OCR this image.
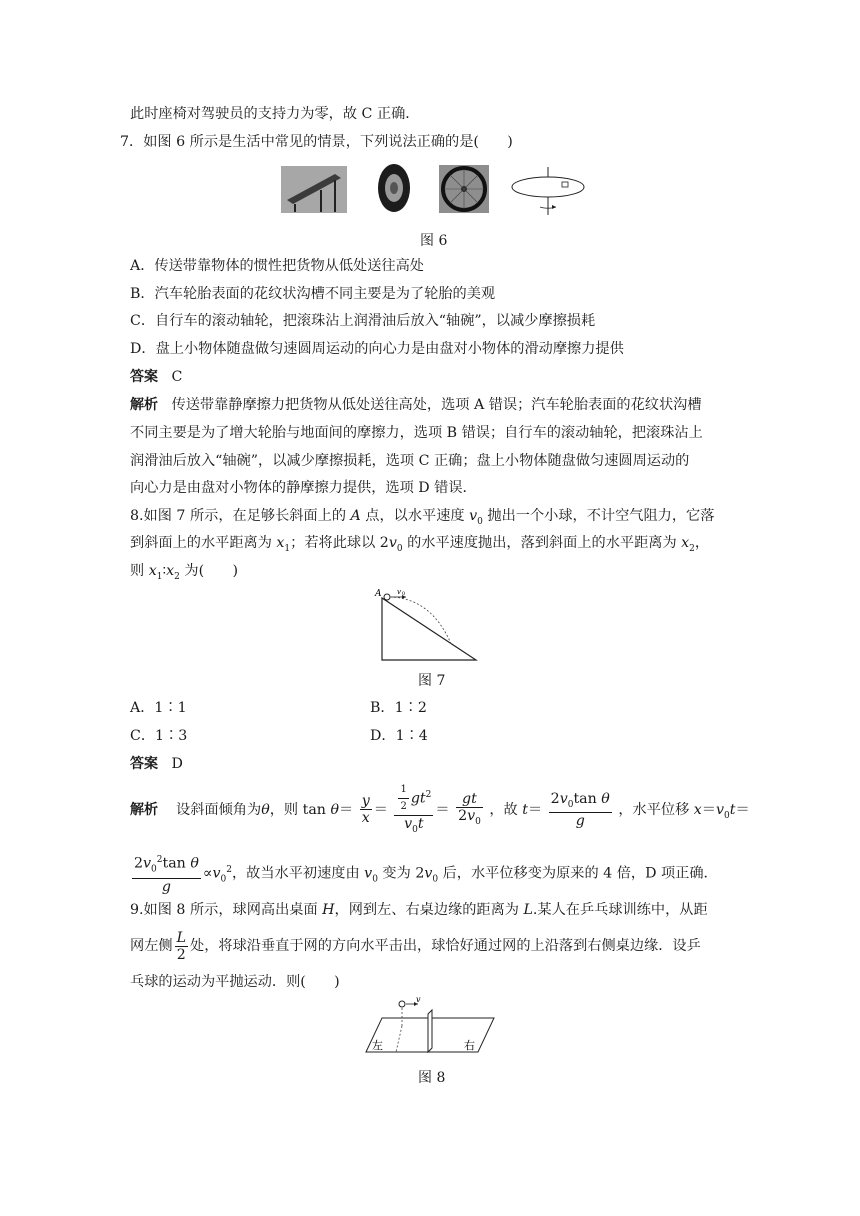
此时座椅对驾驶员的支持力为零，故 C 正确．
7．如图 6 所示是生活中常见的情景，下列说法正确的是(　　)
图 6
A．传送带靠物体的惯性把货物从低处送往高处
B．汽车轮胎表面的花纹状沟槽不同主要是为了轮胎的美观
C．自行车的滚动轴轮，把滚珠沾上润滑油后放入“轴碗”，以减少摩擦损耗
D．盘上小物体随盘做匀速圆周运动的向心力是由盘对小物体的滑动摩擦力提供
答案 C
解析 传送带靠静摩擦力把货物从低处送往高处，选项 A 错误；汽车轮胎表面的花纹状沟槽
不同主要是为了增大轮胎与地面间的摩擦力，选项 B 错误；自行车的滚动轴轮，把滚珠沾上
润滑油后放入“轴碗”，以减少摩擦损耗，选项 C 正确；盘上小物体随盘做匀速圆周运动的
向心力是由盘对小物体的静摩擦力提供，选项 D 错误．
8.如图 7 所示，在足够长斜面上的 A 点，以水平速度 $v_0$ 抛出一个小球，不计空气阻力，它落
到斜面上的水平距离为 $x_1$；若将此球以 $2v_0$ 的水平速度抛出，落到斜面上的水平距离为 $x_2$，
则 $x_1∶x_2$ 为(　　)
A v 0
图 7
A．1∶1	B．1∶2
C．1∶3	D．1∶4
答案 D
解析 设斜面倾角为θ，则 $\tan \theta= \frac{y}{x} = \frac{\frac{1}{2} gt^2}{v_0t} = \frac{gt}{2v_0}$ ，故 $t= \frac{2v_0\tan \theta}{g}$ ，水平位移 $x=v_0t=$
$\frac{2v_0^2\tan \theta}{g} \propto v_0^2$，故当水平初速度由 $v_0$ 变为 $2v_0$ 后，水平位移变为原来的 4 倍，D 项正确．
9.如图 8 所示，球网高出桌面 H，网到左、右桌边缘的距离为 L.某人在乒乓球训练中，从距
网左侧 $\frac{L}{2}$ 处，将球沿垂直于网的方向水平击出，球恰好通过网的上沿落到右侧桌边缘．设乒
乓球的运动为平抛运动．则(　　)
左	右
v
图 8
